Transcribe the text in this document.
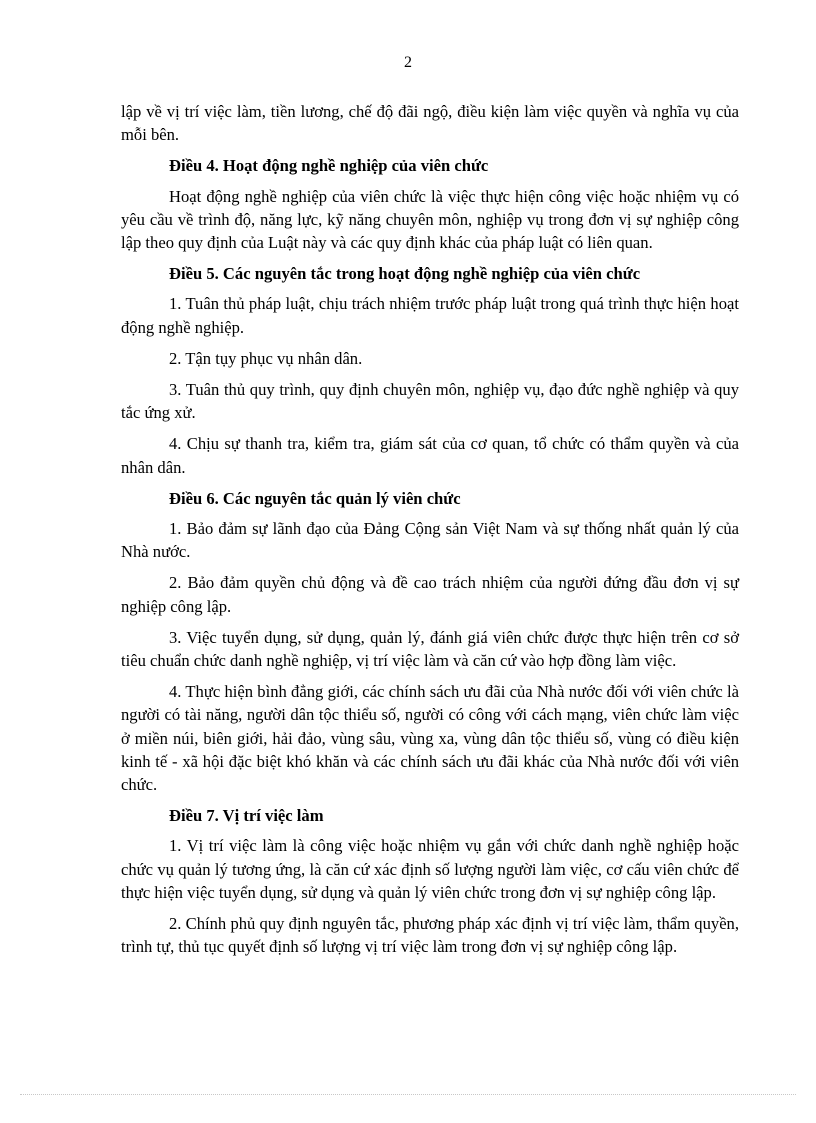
2

lập về vị trí việc làm, tiền lương, chế độ đãi ngộ, điều kiện làm việc quyền và nghĩa vụ của mỗi bên.

Điều 4. Hoạt động nghề nghiệp của viên chức

Hoạt động nghề nghiệp của viên chức là việc thực hiện công việc hoặc nhiệm vụ có yêu cầu về trình độ, năng lực, kỹ năng chuyên môn, nghiệp vụ trong đơn vị sự nghiệp công lập theo quy định của Luật này và các quy định khác của pháp luật có liên quan.

Điều 5. Các nguyên tắc trong hoạt động nghề nghiệp của viên chức

1. Tuân thủ pháp luật, chịu trách nhiệm trước pháp luật trong quá trình thực hiện hoạt động nghề nghiệp.

2. Tận tụy phục vụ nhân dân.

3. Tuân thủ quy trình, quy định chuyên môn, nghiệp vụ, đạo đức nghề nghiệp và quy tắc ứng xử.

4. Chịu sự thanh tra, kiểm tra, giám sát của cơ quan, tổ chức có thẩm quyền và của nhân dân.

Điều 6. Các nguyên tắc quản lý viên chức

1. Bảo đảm sự lãnh đạo của Đảng Cộng sản Việt Nam và sự thống nhất quản lý của Nhà nước.

2. Bảo đảm quyền chủ động và đề cao trách nhiệm của người đứng đầu đơn vị sự nghiệp công lập.

3. Việc tuyển dụng, sử dụng, quản lý, đánh giá viên chức được thực hiện trên cơ sở tiêu chuẩn chức danh nghề nghiệp, vị trí việc làm và căn cứ vào hợp đồng làm việc.

4. Thực hiện bình đẳng giới, các chính sách ưu đãi của Nhà nước đối với viên chức là người có tài năng, người dân tộc thiểu số, người có công với cách mạng, viên chức làm việc ở miền núi, biên giới, hải đảo, vùng sâu, vùng xa, vùng dân tộc thiểu số, vùng có điều kiện kinh tế - xã hội đặc biệt khó khăn và các chính sách ưu đãi khác của Nhà nước đối với viên chức.

Điều 7. Vị trí việc làm

1. Vị trí việc làm là công việc hoặc nhiệm vụ gắn với chức danh nghề nghiệp hoặc chức vụ quản lý tương ứng, là căn cứ xác định số lượng người làm việc, cơ cấu viên chức để thực hiện việc tuyển dụng, sử dụng và quản lý viên chức trong đơn vị sự nghiệp công lập.

2. Chính phủ quy định nguyên tắc, phương pháp xác định vị trí việc làm, thẩm quyền, trình tự, thủ tục quyết định số lượng vị trí việc làm trong đơn vị sự nghiệp công lập.
